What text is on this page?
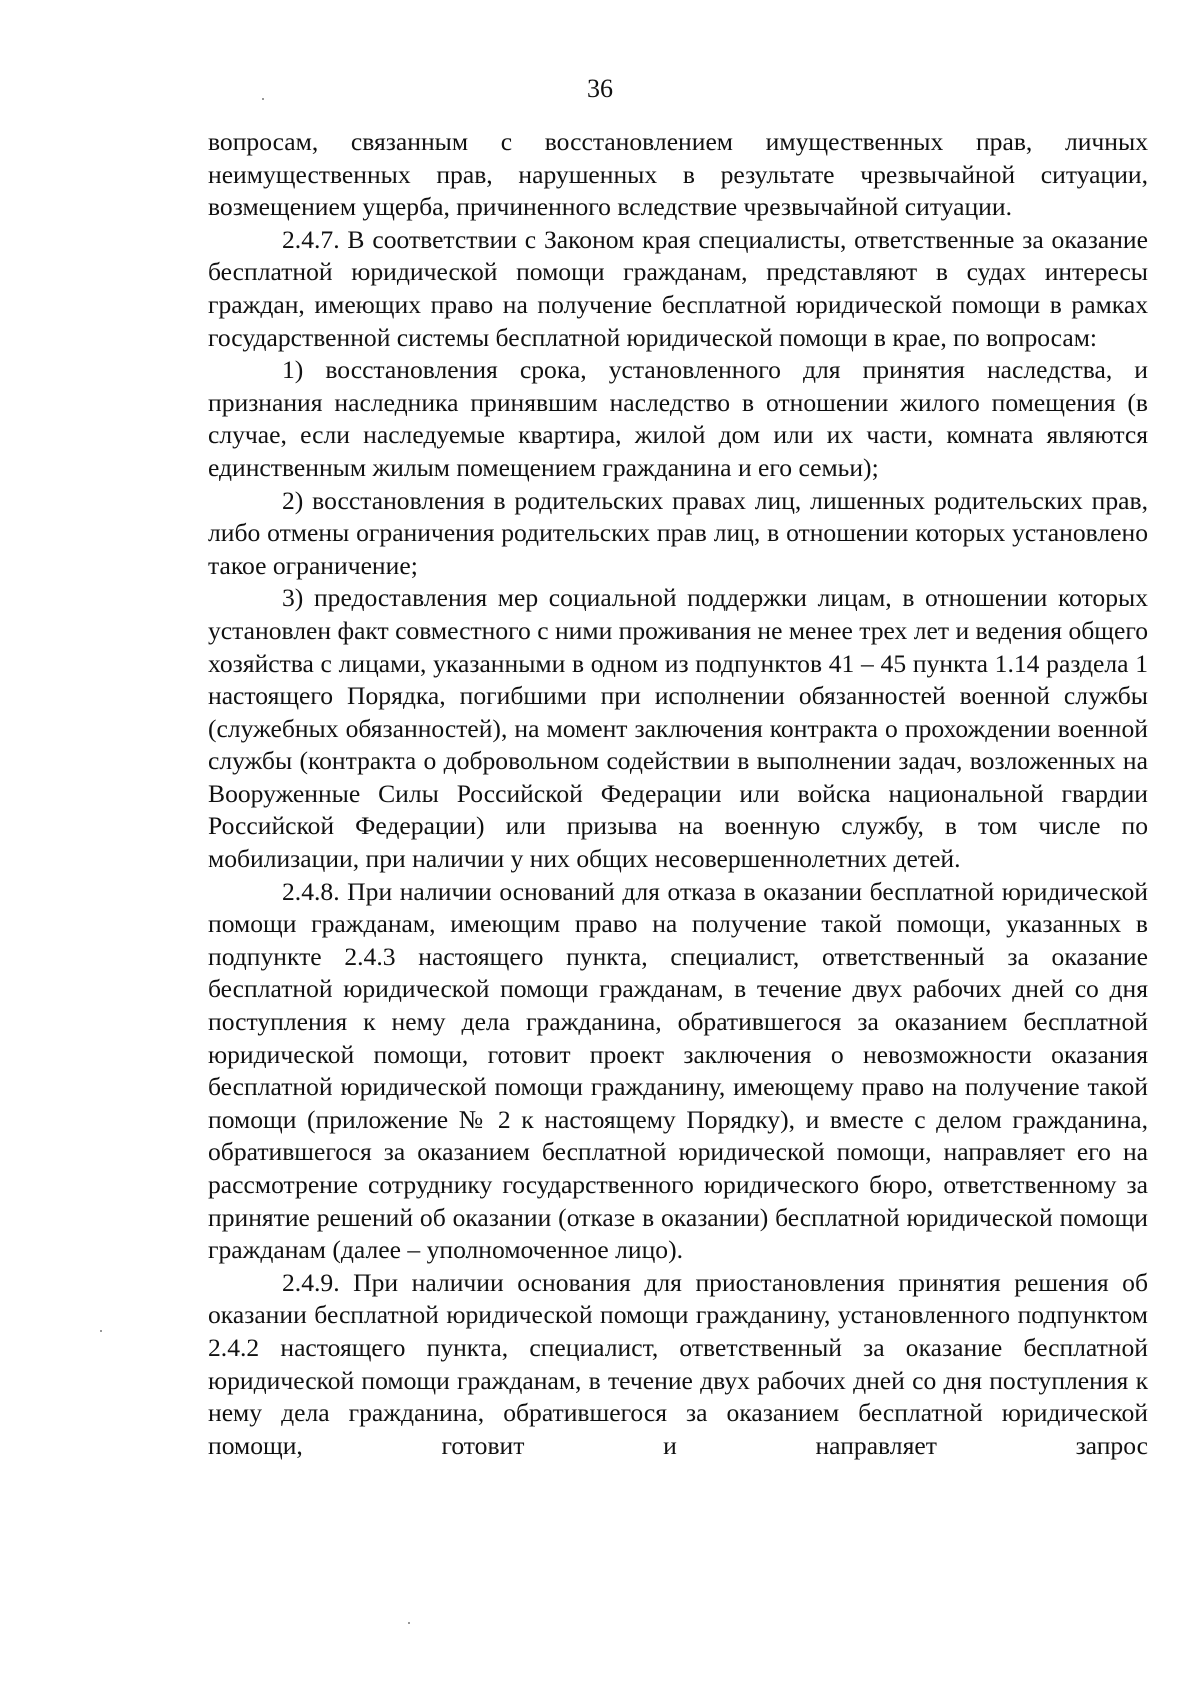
36

вопросам, связанным с восстановлением имущественных прав, личных неимущественных прав, нарушенных в результате чрезвычайной ситуации, возмещением ущерба, причиненного вследствие чрезвычайной ситуации.

2.4.7. В соответствии с Законом края специалисты, ответственные за оказание бесплатной юридической помощи гражданам, представляют в судах интересы граждан, имеющих право на получение бесплатной юридической помощи в рамках государственной системы бесплатной юридической помощи в крае, по вопросам:

1) восстановления срока, установленного для принятия наследства, и признания наследника принявшим наследство в отношении жилого помещения (в случае, если наследуемые квартира, жилой дом или их части, комната являются единственным жилым помещением гражданина и его семьи);

2) восстановления в родительских правах лиц, лишенных родительских прав, либо отмены ограничения родительских прав лиц, в отношении которых установлено такое ограничение;

3) предоставления мер социальной поддержки лицам, в отношении которых установлен факт совместного с ними проживания не менее трех лет и ведения общего хозяйства с лицами, указанными в одном из подпунктов 41 – 45 пункта 1.14 раздела 1 настоящего Порядка, погибшими при исполнении обязанностей военной службы (служебных обязанностей), на момент заключения контракта о прохождении военной службы (контракта о добровольном содействии в выполнении задач, возложенных на Вооруженные Силы Российской Федерации или войска национальной гвардии Российской Федерации) или призыва на военную службу, в том числе по мобилизации, при наличии у них общих несовершеннолетних детей.

2.4.8. При наличии оснований для отказа в оказании бесплатной юридической помощи гражданам, имеющим право на получение такой помощи, указанных в подпункте 2.4.3 настоящего пункта, специалист, ответственный за оказание бесплатной юридической помощи гражданам, в течение двух рабочих дней со дня поступления к нему дела гражданина, обратившегося за оказанием бесплатной юридической помощи, готовит проект заключения о невозможности оказания бесплатной юридической помощи гражданину, имеющему право на получение такой помощи (приложение № 2 к настоящему Порядку), и вместе с делом гражданина, обратившегося за оказанием бесплатной юридической помощи, направляет его на рассмотрение сотруднику государственного юридического бюро, ответственному за принятие решений об оказании (отказе в оказании) бесплатной юридической помощи гражданам (далее – уполномоченное лицо).

2.4.9. При наличии основания для приостановления принятия решения об оказании бесплатной юридической помощи гражданину, установленного подпунктом 2.4.2 настоящего пункта, специалист, ответственный за оказание бесплатной юридической помощи гражданам, в течение двух рабочих дней со дня поступления к нему дела гражданина, обратившегося за оказанием бесплатной юридической помощи, готовит и направляет запрос
